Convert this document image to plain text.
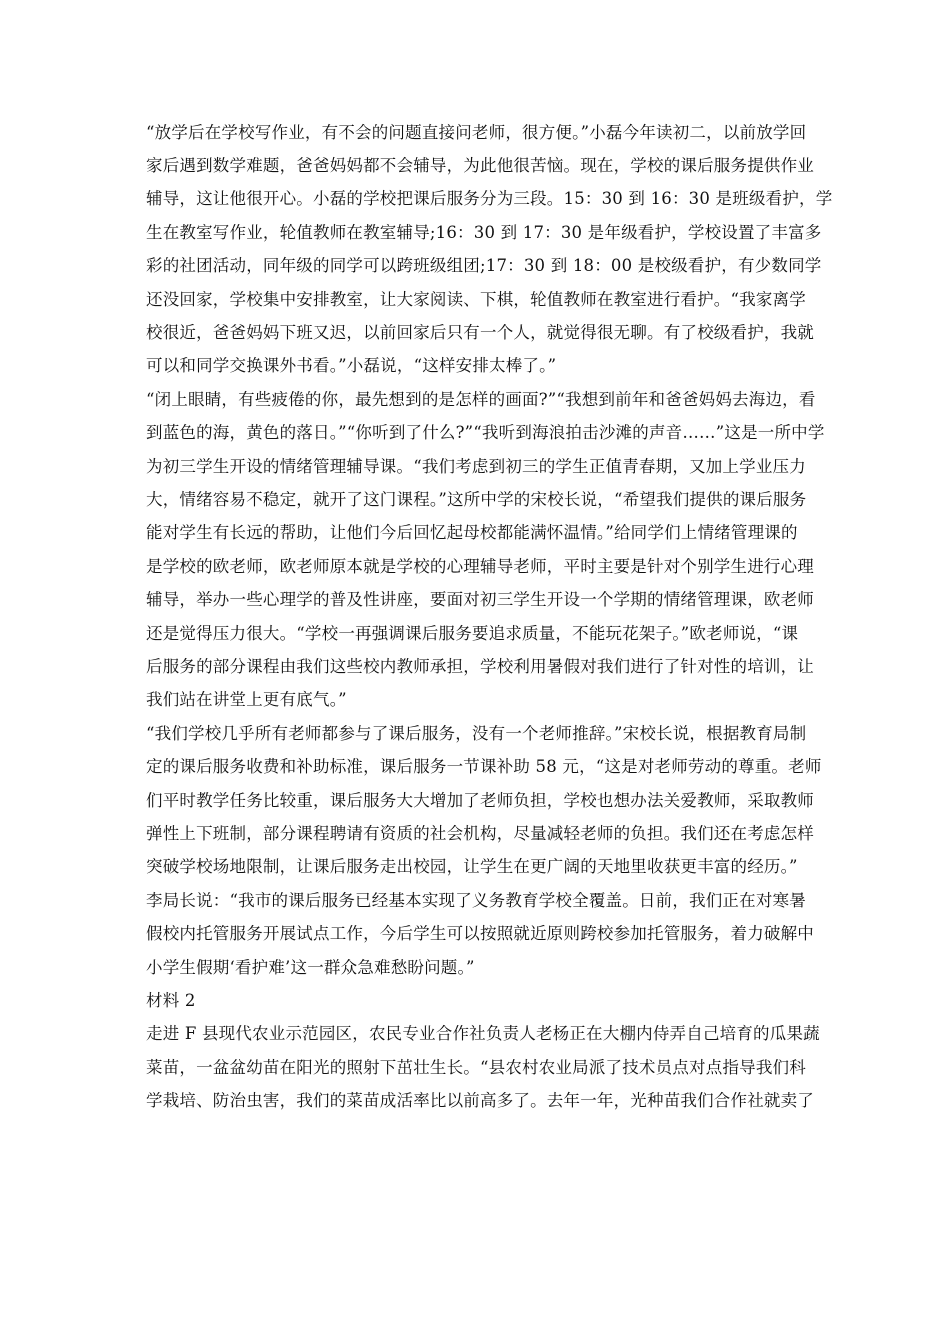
“放学后在学校写作业，有不会的问题直接问老师，很方便。”小磊今年读初二，以前放学回
家后遇到数学难题，爸爸妈妈都不会辅导，为此他很苦恼。现在，学校的课后服务提供作业
辅导，这让他很开心。小磊的学校把课后服务分为三段。15：30 到 16：30 是班级看护，学
生在教室写作业，轮值教师在教室辅导;16：30 到 17：30 是年级看护，学校设置了丰富多
彩的社团活动，同年级的同学可以跨班级组团;17：30 到 18：00 是校级看护，有少数同学
还没回家，学校集中安排教室，让大家阅读、下棋，轮值教师在教室进行看护。“我家离学
校很近，爸爸妈妈下班又迟，以前回家后只有一个人，就觉得很无聊。有了校级看护，我就
可以和同学交换课外书看。”小磊说，“这样安排太棒了。”
“闭上眼睛，有些疲倦的你，最先想到的是怎样的画面?”“我想到前年和爸爸妈妈去海边，看
到蓝色的海，黄色的落日。”“你听到了什么?”“我听到海浪拍击沙滩的声音……”这是一所中学
为初三学生开设的情绪管理辅导课。“我们考虑到初三的学生正值青春期，又加上学业压力
大，情绪容易不稳定，就开了这门课程。”这所中学的宋校长说，“希望我们提供的课后服务
能对学生有长远的帮助，让他们今后回忆起母校都能满怀温情。”给同学们上情绪管理课的
是学校的欧老师，欧老师原本就是学校的心理辅导老师，平时主要是针对个别学生进行心理
辅导，举办一些心理学的普及性讲座，要面对初三学生开设一个学期的情绪管理课，欧老师
还是觉得压力很大。“学校一再强调课后服务要追求质量，不能玩花架子。”欧老师说，“课
后服务的部分课程由我们这些校内教师承担，学校利用暑假对我们进行了针对性的培训，让
我们站在讲堂上更有底气。”
“我们学校几乎所有老师都参与了课后服务，没有一个老师推辞。”宋校长说，根据教育局制
定的课后服务收费和补助标准，课后服务一节课补助 58 元，“这是对老师劳动的尊重。老师
们平时教学任务比较重，课后服务大大增加了老师负担，学校也想办法关爱教师，采取教师
弹性上下班制，部分课程聘请有资质的社会机构，尽量减轻老师的负担。我们还在考虑怎样
突破学校场地限制，让课后服务走出校园，让学生在更广阔的天地里收获更丰富的经历。”
李局长说：“我市的课后服务已经基本实现了义务教育学校全覆盖。日前，我们正在对寒暑
假校内托管服务开展试点工作，今后学生可以按照就近原则跨校参加托管服务，着力破解中
小学生假期‘看护难’这一群众急难愁盼问题。”
材料 2
走进 F 县现代农业示范园区，农民专业合作社负责人老杨正在大棚内侍弄自己培育的瓜果蔬
菜苗，一盆盆幼苗在阳光的照射下茁壮生长。“县农村农业局派了技术员点对点指导我们科
学栽培、防治虫害，我们的菜苗成活率比以前高多了。去年一年，光种苗我们合作社就卖了
